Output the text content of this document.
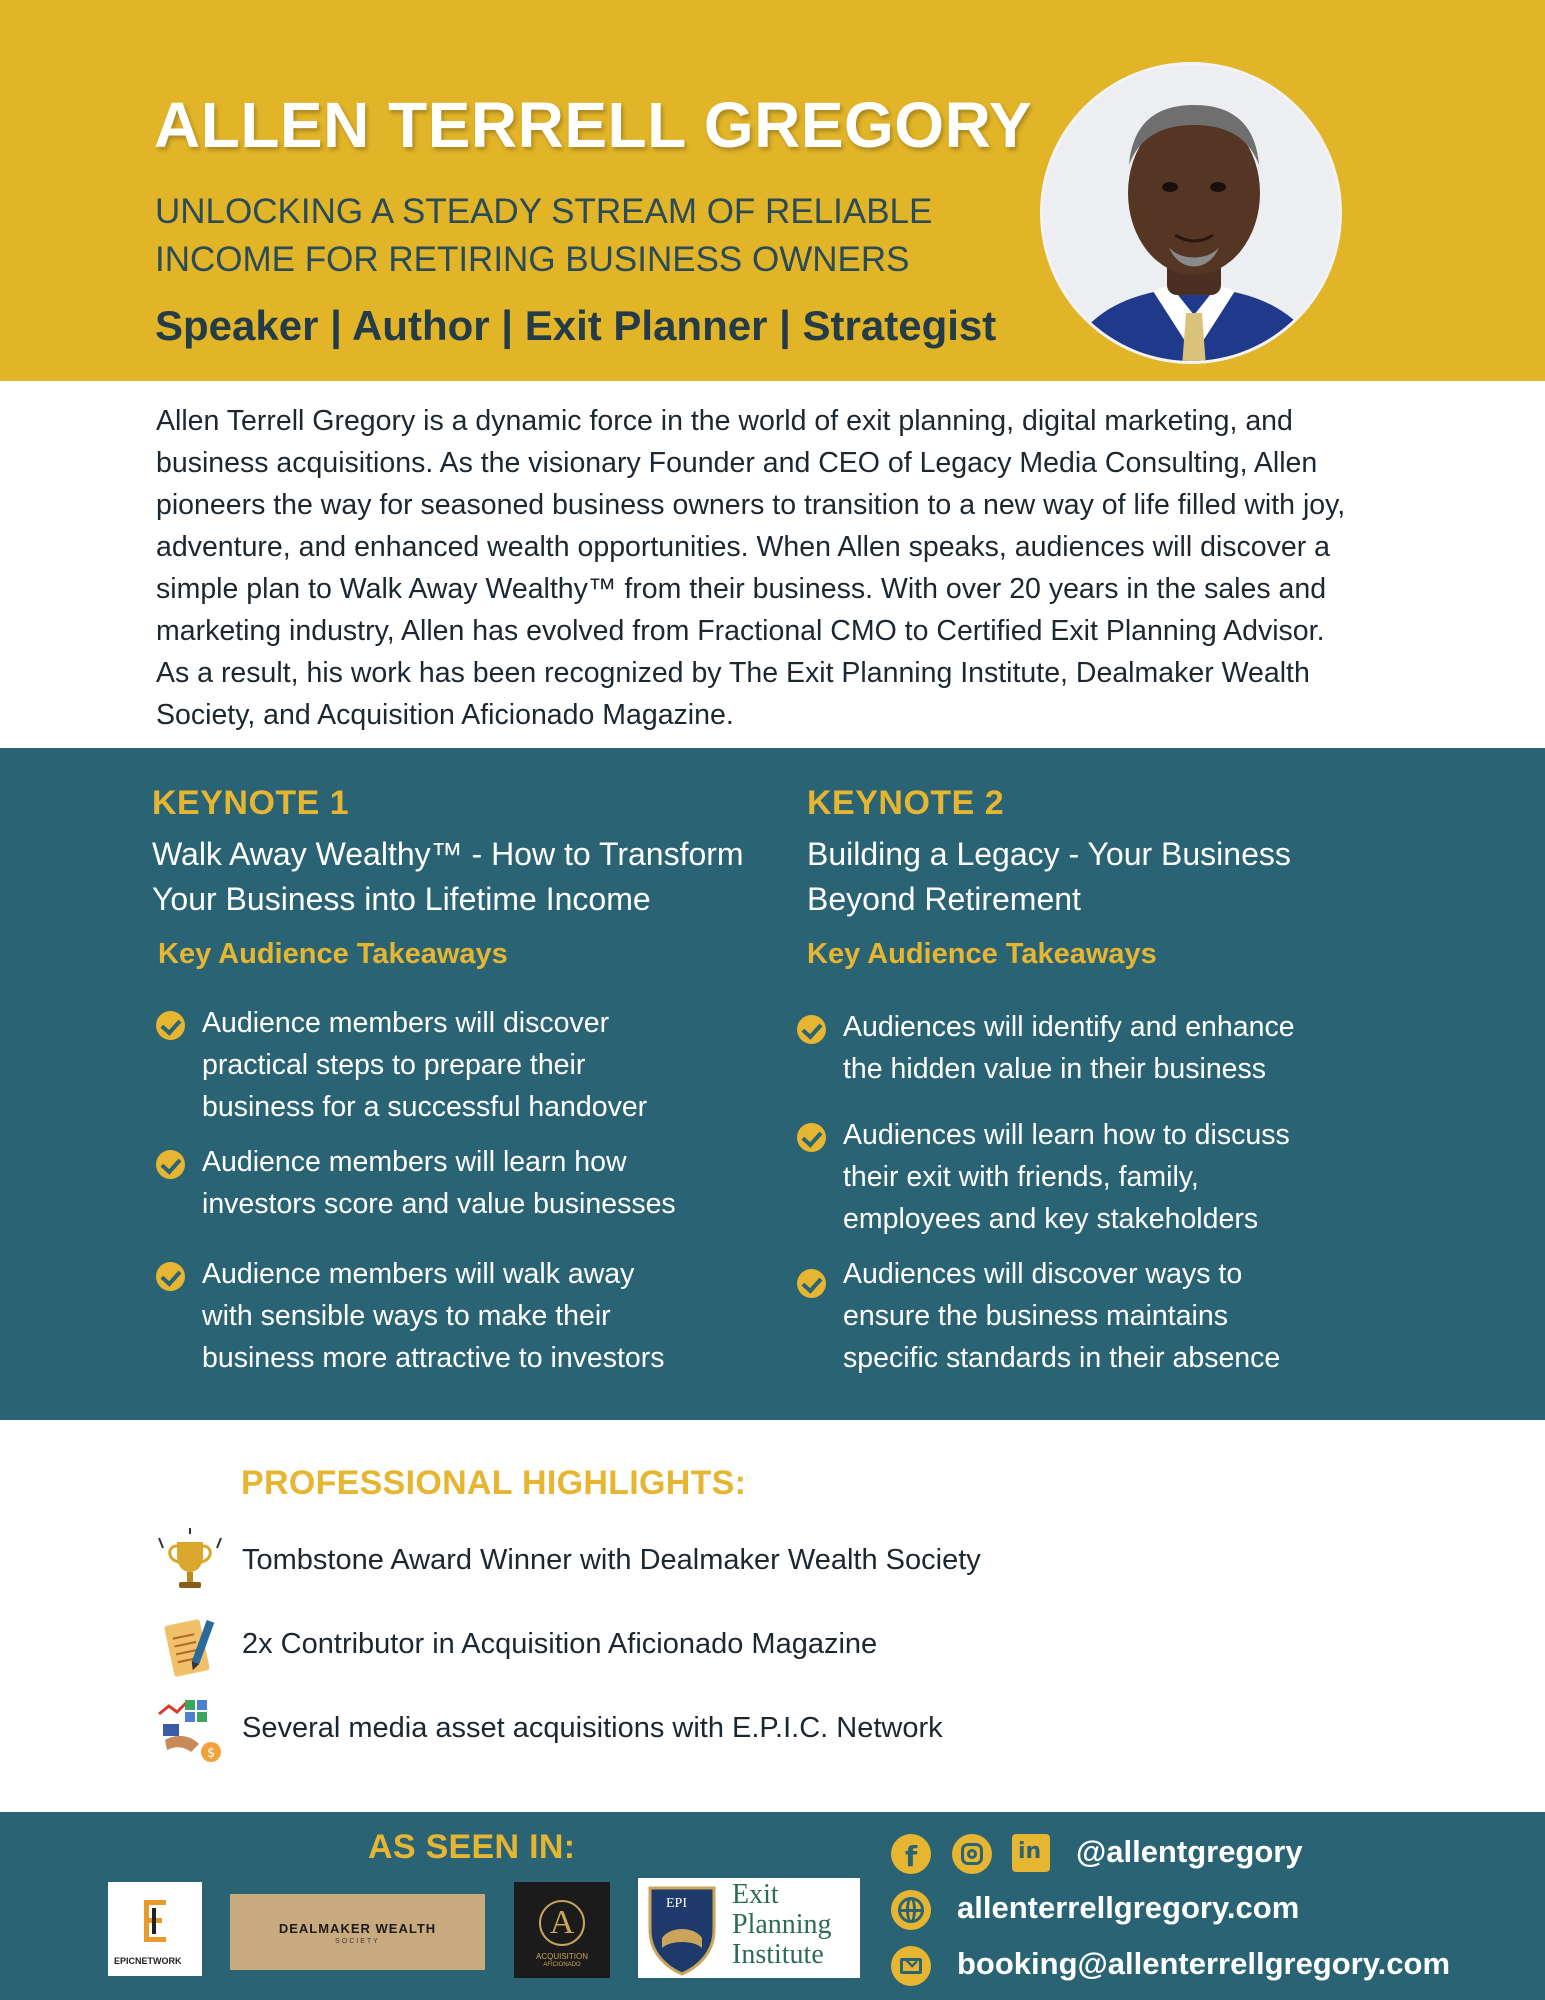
ALLEN TERRELL GREGORY
UNLOCKING A STEADY STREAM OF RELIABLE
INCOME FOR RETIRING BUSINESS OWNERS
Speaker | Author | Exit Planner | Strategist
Allen Terrell Gregory is a dynamic force in the world of exit planning, digital marketing, and
business acquisitions. As the visionary Founder and CEO of Legacy Media Consulting, Allen
pioneers the way for seasoned business owners to transition to a new way of life filled with joy,
adventure, and enhanced wealth opportunities. When Allen speaks, audiences will discover a
simple plan to Walk Away Wealthy™ from their business. With over 20 years in the sales and
marketing industry, Allen has evolved from Fractional CMO to Certified Exit Planning Advisor.
As a result, his work has been recognized by The Exit Planning Institute, Dealmaker Wealth
Society, and Acquisition Aficionado Magazine.
KEYNOTE 1
Walk Away Wealthy™ - How to Transform
Your Business into Lifetime Income
Key Audience Takeaways
Audience members will discover
practical steps to prepare their
business for a successful handover
Audience members will learn how
investors score and value businesses
Audience members will walk away
with sensible ways to make their
business more attractive to investors
KEYNOTE 2
Building a Legacy - Your Business
Beyond Retirement
Key Audience Takeaways
Audiences will identify and enhance
the hidden value in their business
Audiences will learn how to discuss
their exit with friends, family,
employees and key stakeholders
Audiences will discover ways to
ensure the business maintains
specific standards in their absence
PROFESSIONAL HIGHLIGHTS:
Tombstone Award Winner with Dealmaker Wealth Society
2x Contributor in Acquisition Aficionado Magazine
$
Several media asset acquisitions with E.P.I.C. Network
AS SEEN IN:
EPICNETWORK
DEALMAKER WEALTH
SOCIETY
A
ACQUISITION
AFICIONADO
EPI Exit
Planning
Institute
f	in @allentgregory
allenterrellgregory.com
booking@allenterrellgregory.com
